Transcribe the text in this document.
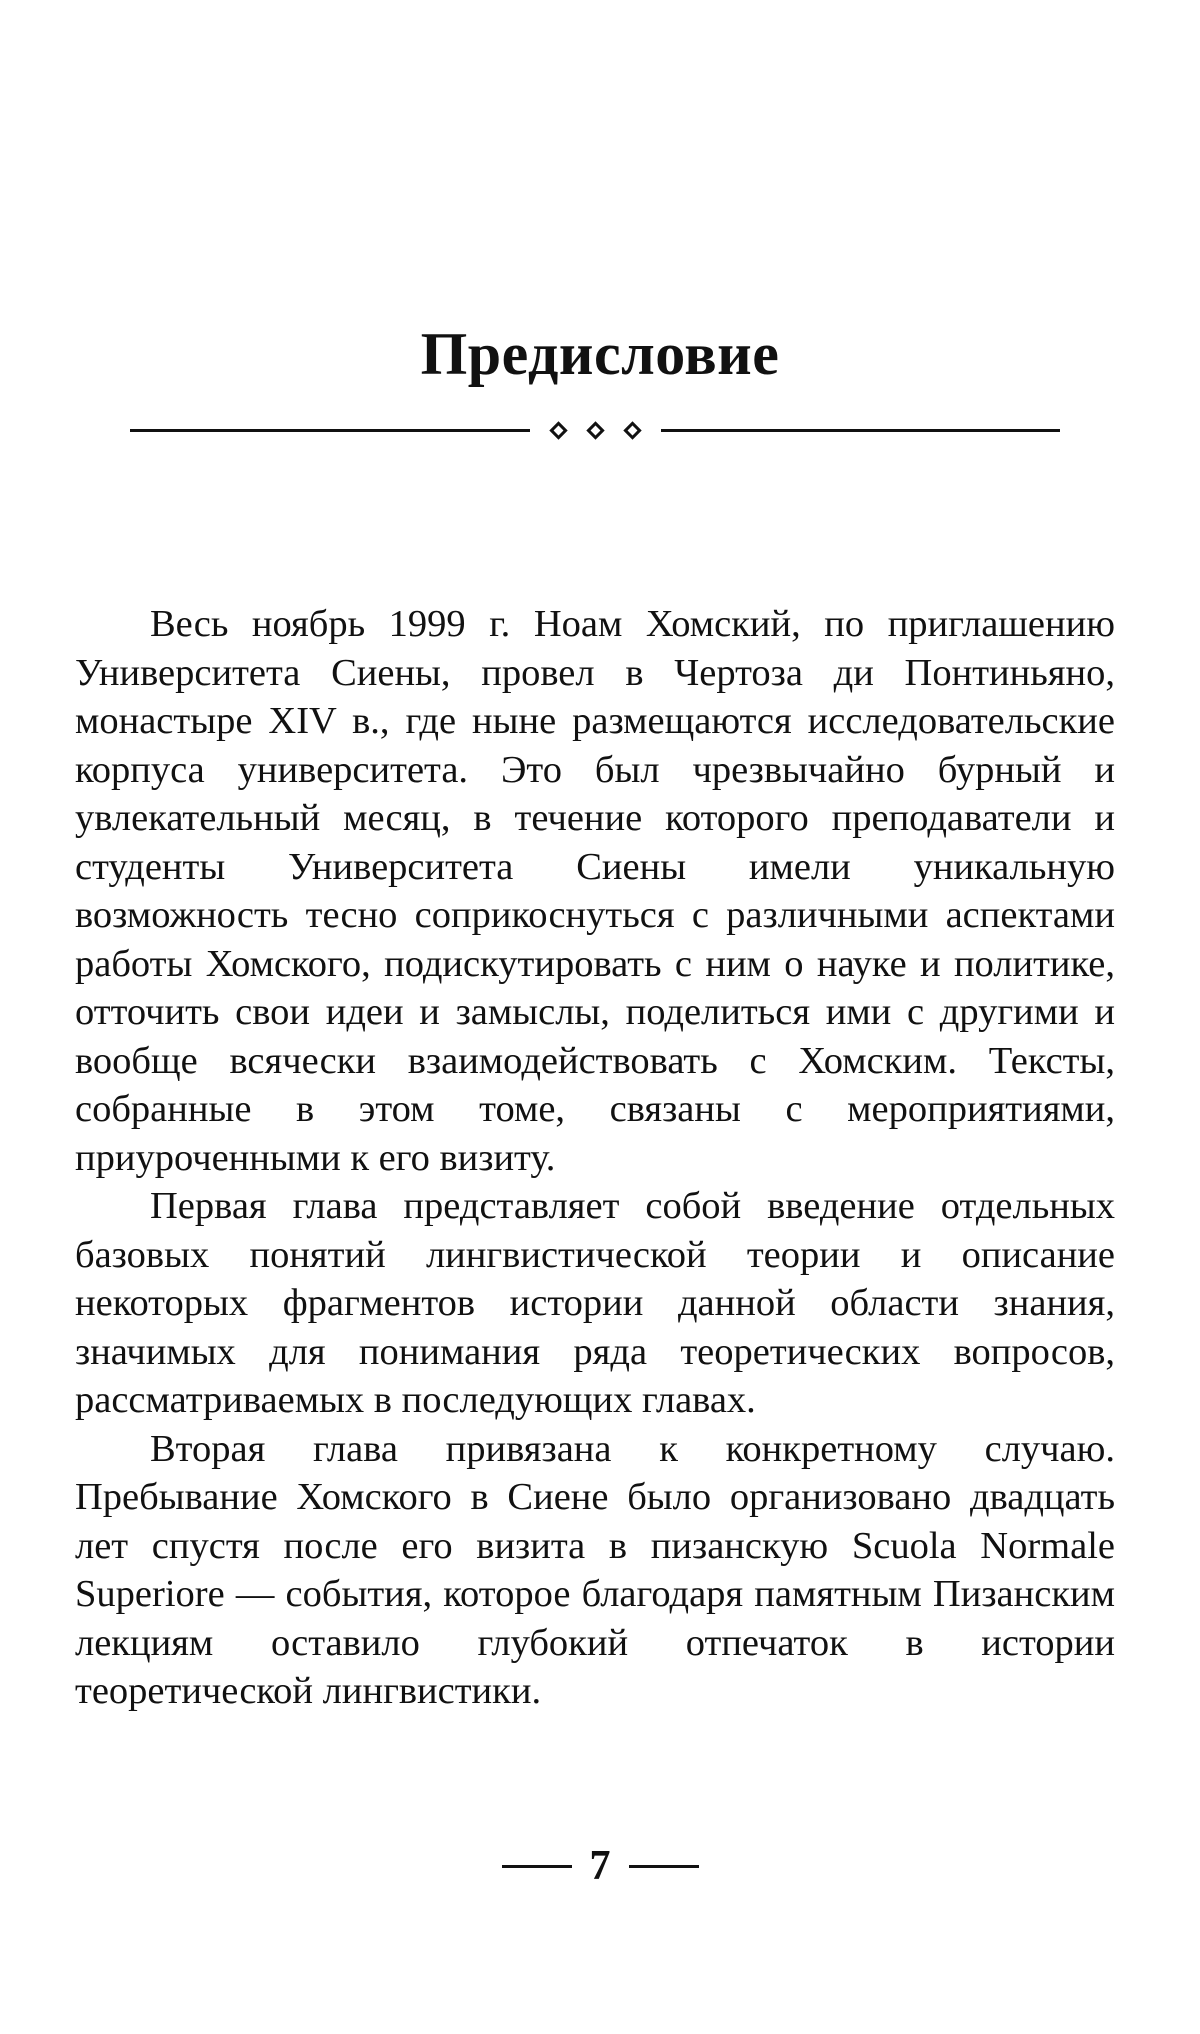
Предисловие

Весь ноябрь 1999 г. Ноам Хомский, по приглашению Университета Сиены, провел в Чертоза ди Понтиньяно, монастыре XIV в., где ныне размещаются исследовательские корпуса университета. Это был чрезвычайно бурный и увлекательный месяц, в течение которого преподаватели и студенты Университета Сиены имели уникальную возможность тесно соприкоснуться с различными аспектами работы Хомского, подискутировать с ним о науке и политике, отточить свои идеи и замыслы, поделиться ими с другими и вообще всячески взаимодействовать с Хомским. Тексты, собранные в этом томе, связаны с мероприятиями, приуроченными к его визиту.

Первая глава представляет собой введение отдельных базовых понятий лингвистической теории и описание некоторых фрагментов истории данной области знания, значимых для понимания ряда теоретических вопросов, рассматриваемых в последующих главах.

Вторая глава привязана к конкретному случаю. Пребывание Хомского в Сиене было организовано двадцать лет спустя после его визита в пизанскую Scuola Normale Superiore — события, которое благодаря памятным Пизанским лекциям оставило глубокий отпечаток в истории теоретической лингвистики.

7
